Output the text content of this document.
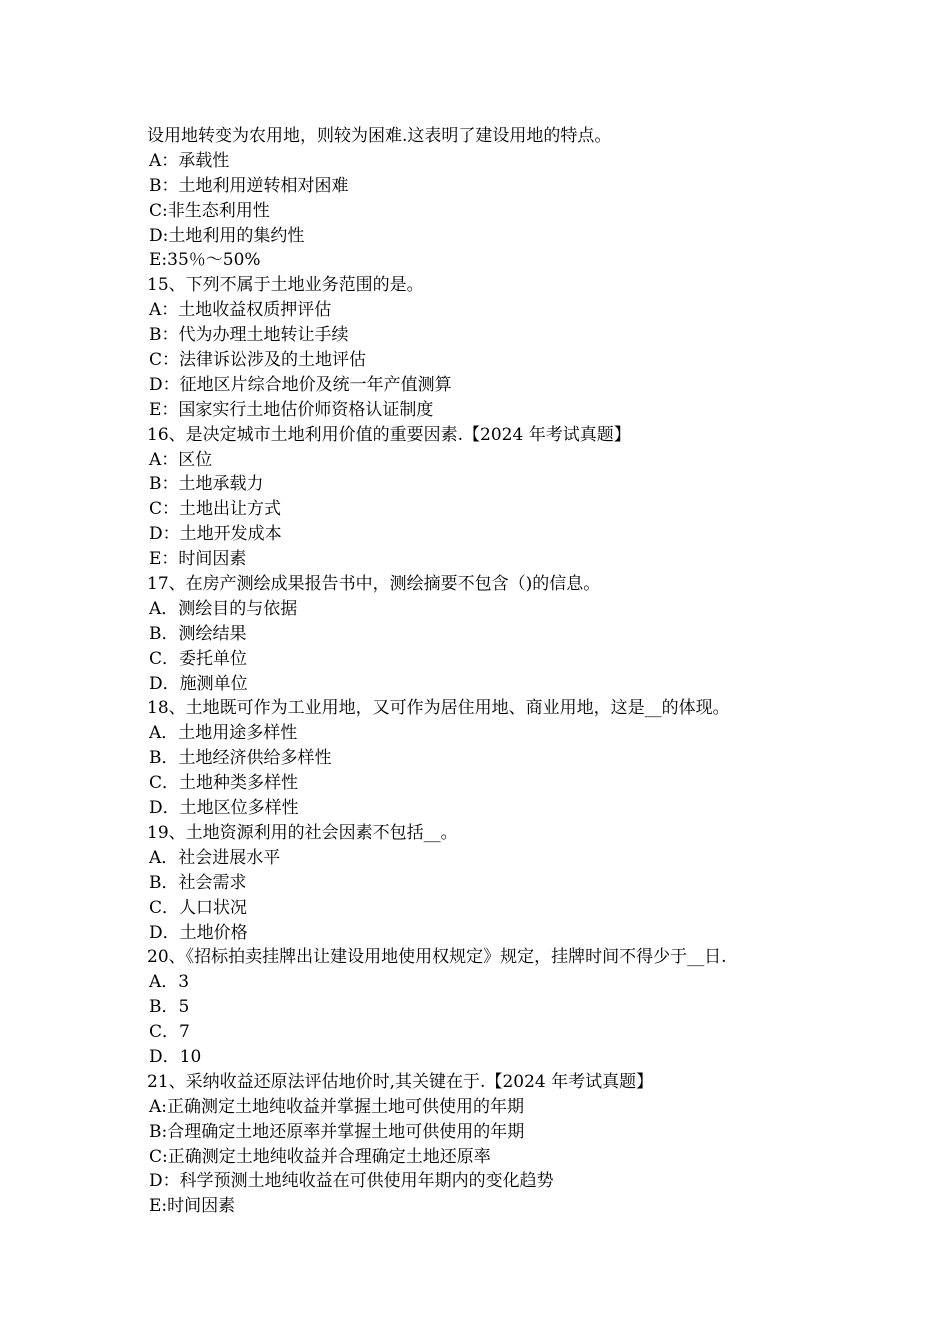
设用地转变为农用地，则较为困难.这表明了建设用地的特点。
A：承载性
B：土地利用逆转相对困难
C:非生态利用性
D:土地利用的集约性
E:35％～50%
15、下列不属于土地业务范围的是。
A：土地收益权质押评估
B：代为办理土地转让手续
C：法律诉讼涉及的土地评估
D：征地区片综合地价及统一年产值测算
E：国家实行土地估价师资格认证制度
16、是决定城市土地利用价值的重要因素.【2024 年考试真题】
A：区位
B：土地承载力
C：土地出让方式
D：土地开发成本
E：时间因素
17、在房产测绘成果报告书中，测绘摘要不包含（)的信息。
A．测绘目的与依据
B．测绘结果
C．委托单位
D．施测单位
18、土地既可作为工业用地，又可作为居住用地、商业用地，这是__的体现。
A．土地用途多样性
B．土地经济供给多样性
C．土地种类多样性
D．土地区位多样性
19、土地资源利用的社会因素不包括__。
A．社会进展水平
B．社会需求
C．人口状况
D．土地价格
20、《招标拍卖挂牌出让建设用地使用权规定》规定，挂牌时间不得少于__日.
A．3
B．5
C．7
D．10
21、采纳收益还原法评估地价时,其关键在于.【2024 年考试真题】
A:正确测定土地纯收益并掌握土地可供使用的年期
B:合理确定土地还原率并掌握土地可供使用的年期
C:正确测定土地纯收益并合理确定土地还原率
D：科学预测土地纯收益在可供使用年期内的变化趋势
E:时间因素
